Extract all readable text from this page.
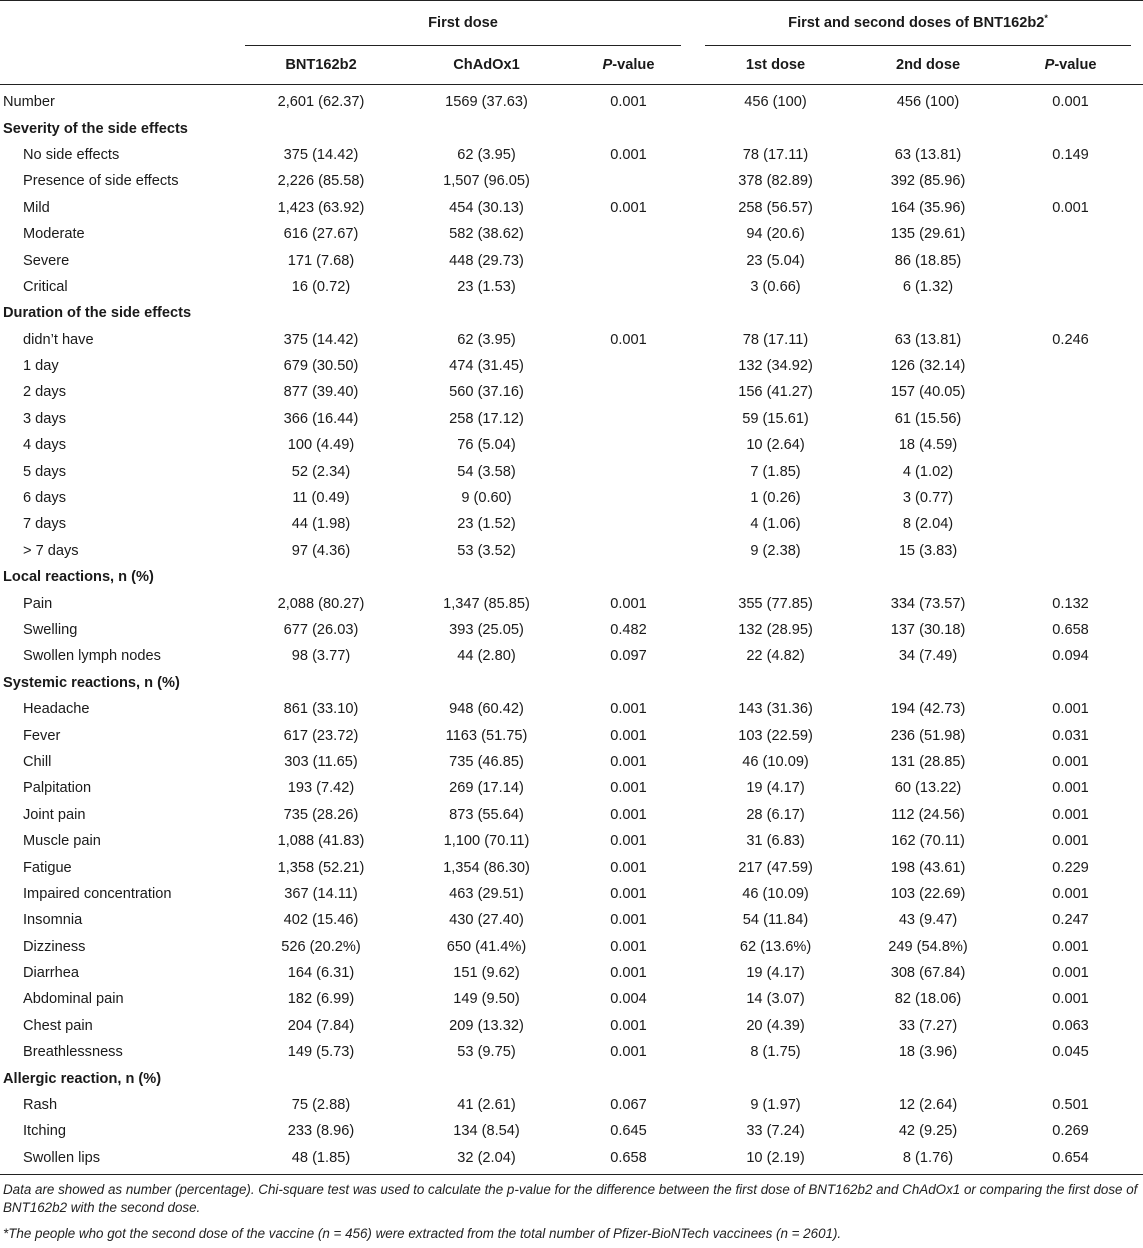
	First dose			First and second doses of BNT162b2*

	BNT162b2	ChAdOx1	P-value	1st dose	2nd dose	P-value
Number	2,601 (62.37)	1569 (37.63)	0.001	456 (100)	456 (100)	0.001
Severity of the side effects						
No side effects	375 (14.42)	62 (3.95)	0.001	78 (17.11)	63 (13.81)	0.149
Presence of side effects	2,226 (85.58)	1,507 (96.05)		378 (82.89)	392 (85.96)	
Mild	1,423 (63.92)	454 (30.13)	0.001	258 (56.57)	164 (35.96)	0.001
Moderate	616 (27.67)	582 (38.62)		94 (20.6)	135 (29.61)	
Severe	171 (7.68)	448 (29.73)		23 (5.04)	86 (18.85)	
Critical	16 (0.72)	23 (1.53)		3 (0.66)	6 (1.32)	
Duration of the side effects						
didn’t have	375 (14.42)	62 (3.95)	0.001	78 (17.11)	63 (13.81)	0.246
1 day	679 (30.50)	474 (31.45)		132 (34.92)	126 (32.14)	
2 days	877 (39.40)	560 (37.16)		156 (41.27)	157 (40.05)	
3 days	366 (16.44)	258 (17.12)		59 (15.61)	61 (15.56)	
4 days	100 (4.49)	76 (5.04)		10 (2.64)	18 (4.59)	
5 days	52 (2.34)	54 (3.58)		7 (1.85)	4 (1.02)	
6 days	11 (0.49)	9 (0.60)		1 (0.26)	3 (0.77)	
7 days	44 (1.98)	23 (1.52)		4 (1.06)	8 (2.04)	
> 7 days	97 (4.36)	53 (3.52)		9 (2.38)	15 (3.83)	
Local reactions, n (%)						
Pain	2,088 (80.27)	1,347 (85.85)	0.001	355 (77.85)	334 (73.57)	0.132
Swelling	677 (26.03)	393 (25.05)	0.482	132 (28.95)	137 (30.18)	0.658
Swollen lymph nodes	98 (3.77)	44 (2.80)	0.097	22 (4.82)	34 (7.49)	0.094
Systemic reactions, n (%)						
Headache	861 (33.10)	948 (60.42)	0.001	143 (31.36)	194 (42.73)	0.001
Fever	617 (23.72)	1163 (51.75)	0.001	103 (22.59)	236 (51.98)	0.031
Chill	303 (11.65)	735 (46.85)	0.001	46 (10.09)	131 (28.85)	0.001
Palpitation	193 (7.42)	269 (17.14)	0.001	19 (4.17)	60 (13.22)	0.001
Joint pain	735 (28.26)	873 (55.64)	0.001	28 (6.17)	112 (24.56)	0.001
Muscle pain	1,088 (41.83)	1,100 (70.11)	0.001	31 (6.83)	162 (70.11)	0.001
Fatigue	1,358 (52.21)	1,354 (86.30)	0.001	217 (47.59)	198 (43.61)	0.229
Impaired concentration	367 (14.11)	463 (29.51)	0.001	46 (10.09)	103 (22.69)	0.001
Insomnia	402 (15.46)	430 (27.40)	0.001	54 (11.84)	43 (9.47)	0.247
Dizziness	526 (20.2%)	650 (41.4%)	0.001	62 (13.6%)	249 (54.8%)	0.001
Diarrhea	164 (6.31)	151 (9.62)	0.001	19 (4.17)	308 (67.84)	0.001
Abdominal pain	182 (6.99)	149 (9.50)	0.004	14 (3.07)	82 (18.06)	0.001
Chest pain	204 (7.84)	209 (13.32)	0.001	20 (4.39)	33 (7.27)	0.063
Breathlessness	149 (5.73)	53 (9.75)	0.001	8 (1.75)	18 (3.96)	0.045
Allergic reaction, n (%)						
Rash	75 (2.88)	41 (2.61)	0.067	9 (1.97)	12 (2.64)	0.501
Itching	233 (8.96)	134 (8.54)	0.645	33 (7.24)	42 (9.25)	0.269
Swollen lips	48 (1.85)	32 (2.04)	0.658	10 (2.19)	8 (1.76)	0.654

Data are showed as number (percentage). Chi-square test was used to calculate the p-value for the difference between the first dose of BNT162b2 and ChAdOx1 or comparing the first dose of BNT162b2 with the second dose.

*The people who got the second dose of the vaccine (n = 456) were extracted from the total number of Pfizer-BioNTech vaccinees (n = 2601).
